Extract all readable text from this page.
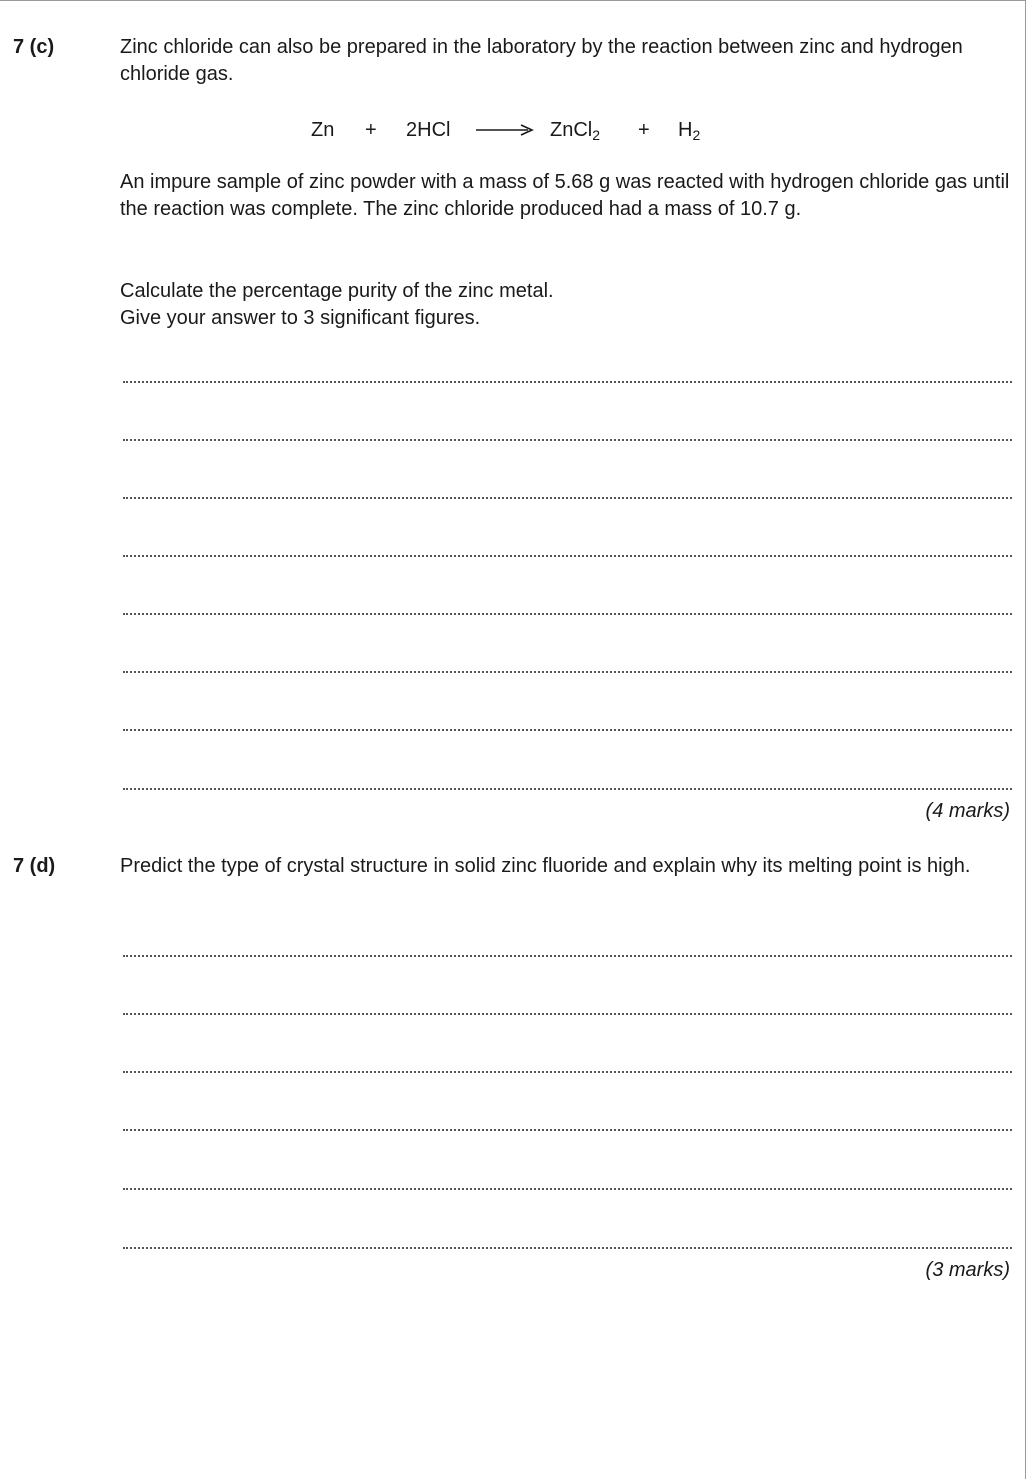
7 (c)	Zinc chloride can also be prepared in the laboratory by the reaction between zinc and hydrogen chloride gas.

Zn + 2HCl → ZnCl$_2$ + $H_2$

An impure sample of zinc powder with a mass of 5.68 g was reacted with hydrogen chloride gas until the reaction was complete. The zinc chloride produced had a mass of 10.7 g.

Calculate the percentage purity of the zinc metal.

Give your answer to 3 significant figures.

(4 marks)
7 (d)	Predict the type of crystal structure in solid zinc fluoride and explain why its melting point is high.

(3 marks)
